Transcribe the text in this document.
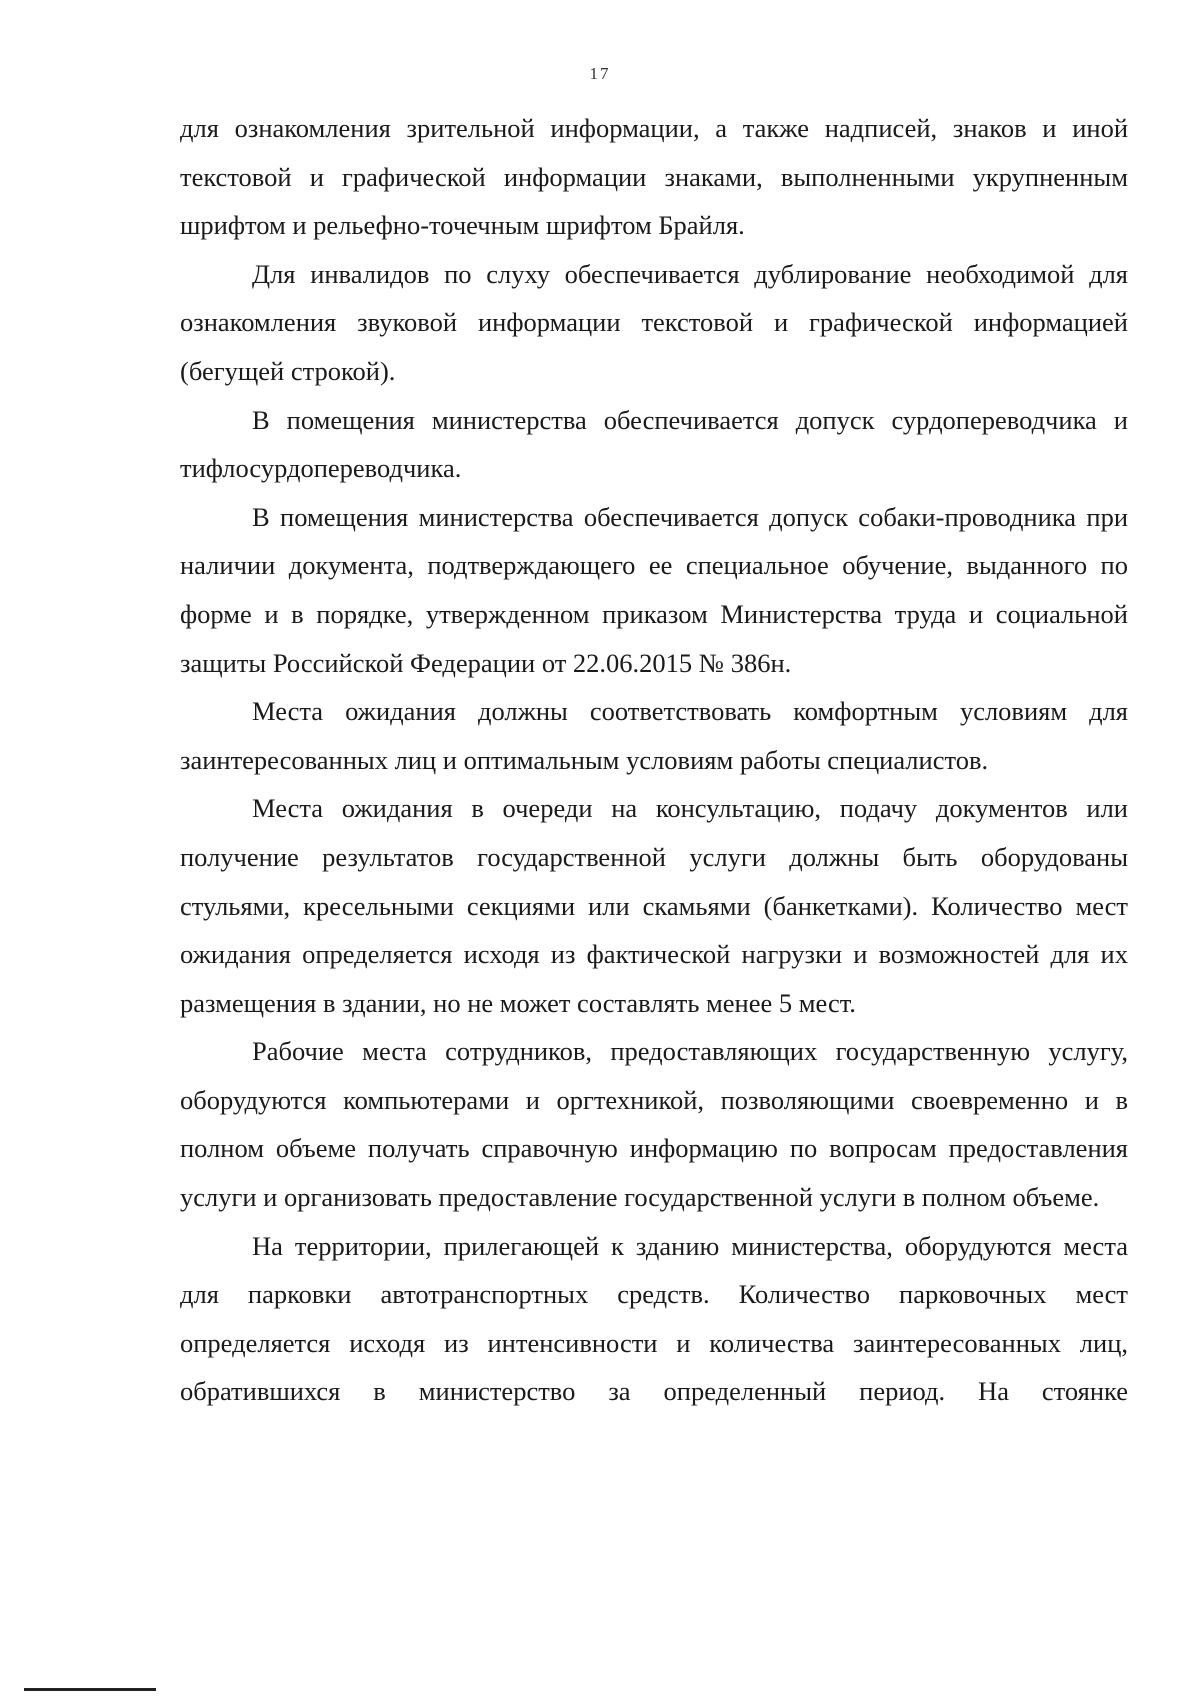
17

для ознакомления зрительной информации, а также надписей, знаков и иной текстовой и графической информации знаками, выполненными укрупненным шрифтом и рельефно-точечным шрифтом Брайля.

Для инвалидов по слуху обеспечивается дублирование необходимой для ознакомления звуковой информации текстовой и графической информацией (бегущей строкой).

В помещения министерства обеспечивается допуск сурдопереводчика и тифлосурдопереводчика.

В помещения министерства обеспечивается допуск собаки-проводника при наличии документа, подтверждающего ее специальное обучение, выданного по форме и в порядке, утвержденном приказом Министерства труда и социальной защиты Российской Федерации от 22.06.2015 № 386н.

Места ожидания должны соответствовать комфортным условиям для заинтересованных лиц и оптимальным условиям работы специалистов.

Места ожидания в очереди на консультацию, подачу документов или получение результатов государственной услуги должны быть оборудованы стульями, кресельными секциями или скамьями (банкетками). Количество мест ожидания определяется исходя из фактической нагрузки и возможностей для их размещения в здании, но не может составлять менее 5 мест.

Рабочие места сотрудников, предоставляющих государственную услугу, оборудуются компьютерами и оргтехникой, позволяющими своевременно и в полном объеме получать справочную информацию по вопросам предоставления услуги и организовать предоставление государственной услуги в полном объеме.

На территории, прилегающей к зданию министерства, оборудуются места для парковки автотранспортных средств. Количество парковочных мест определяется исходя из интенсивности и количества заинтересованных лиц, обратившихся в министерство за определенный период. На стоянке
